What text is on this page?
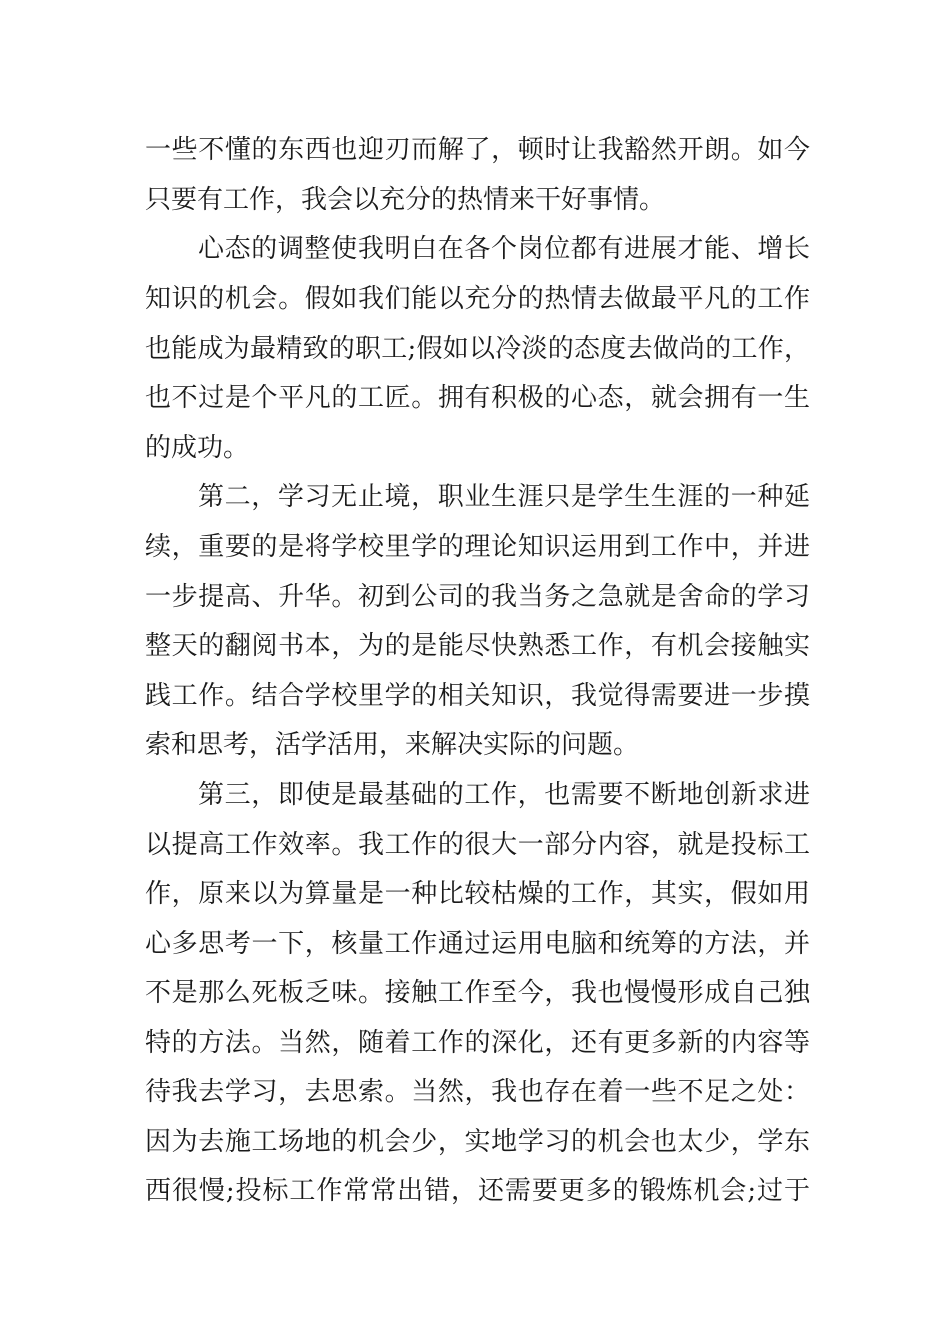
一些不懂的东西也迎刃而解了，顿时让我豁然开朗。如今
只要有工作，我会以充分的热情来干好事情。
心态的调整使我明白在各个岗位都有进展才能、增长
知识的机会。假如我们能以充分的热情去做最平凡的工作
也能成为最精致的职工;假如以冷淡的态度去做尚的工作，
也不过是个平凡的工匠。拥有积极的心态，就会拥有一生
的成功。
第二，学习无止境，职业生涯只是学生生涯的一种延
续，重要的是将学校里学的理论知识运用到工作中，并进
一步提高、升华。初到公司的我当务之急就是舍命的学习
整天的翻阅书本，为的是能尽快熟悉工作，有机会接触实
践工作。结合学校里学的相关知识，我觉得需要进一步摸
索和思考，活学活用，来解决实际的问题。
第三，即使是最基础的工作，也需要不断地创新求进
以提高工作效率。我工作的很大一部分内容，就是投标工
作，原来以为算量是一种比较枯燥的工作，其实，假如用
心多思考一下，核量工作通过运用电脑和统筹的方法，并
不是那么死板乏味。接触工作至今，我也慢慢形成自己独
特的方法。当然，随着工作的深化，还有更多新的内容等
待我去学习，去思索。当然，我也存在着一些不足之处：
因为去施工场地的机会少，实地学习的机会也太少，学东
西很慢;投标工作常常出错，还需要更多的锻炼机会;过于
